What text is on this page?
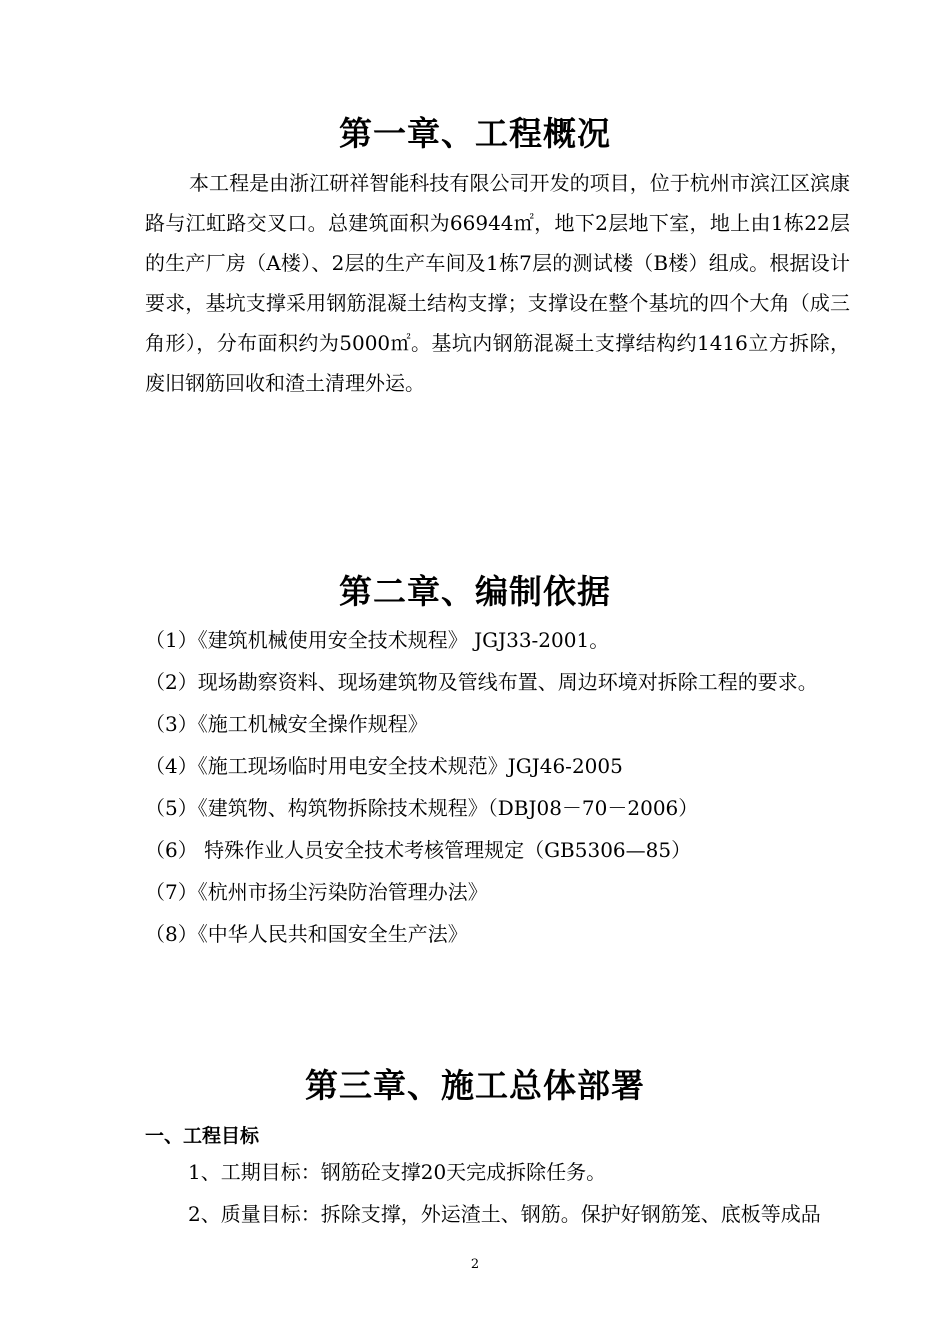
第一章、工程概况

本工程是由浙江研祥智能科技有限公司开发的项目，位于杭州市滨江区滨康路与江虹路交叉口。总建筑面积为66944㎡，地下2层地下室，地上由1栋22层的生产厂房（A楼）、2层的生产车间及1栋7层的测试楼（B楼）组成。根据设计要求，基坑支撑采用钢筋混凝土结构支撑；支撑设在整个基坑的四个大角（成三角形），分布面积约为5000㎡。基坑内钢筋混凝土支撑结构约1416立方拆除，废旧钢筋回收和渣土清理外运。

第二章、编制依据

（1）《建筑机械使用安全技术规程》 JGJ33-2001。

（2）现场勘察资料、现场建筑物及管线布置、周边环境对拆除工程的要求。

（3）《施工机械安全操作规程》

（4）《施工现场临时用电安全技术规范》JGJ46-2005

（5）《建筑物、构筑物拆除技术规程》（DBJ08－70－2006）

（6） 特殊作业人员安全技术考核管理规定（GB5306—85）

（7）《杭州市扬尘污染防治管理办法》

（8）《中华人民共和国安全生产法》

第三章、施工总体部署
一、工程目标

1、工期目标：钢筋砼支撑20天完成拆除任务。

2、质量目标：拆除支撑，外运渣土、钢筋。保护好钢筋笼、底板等成品

2
